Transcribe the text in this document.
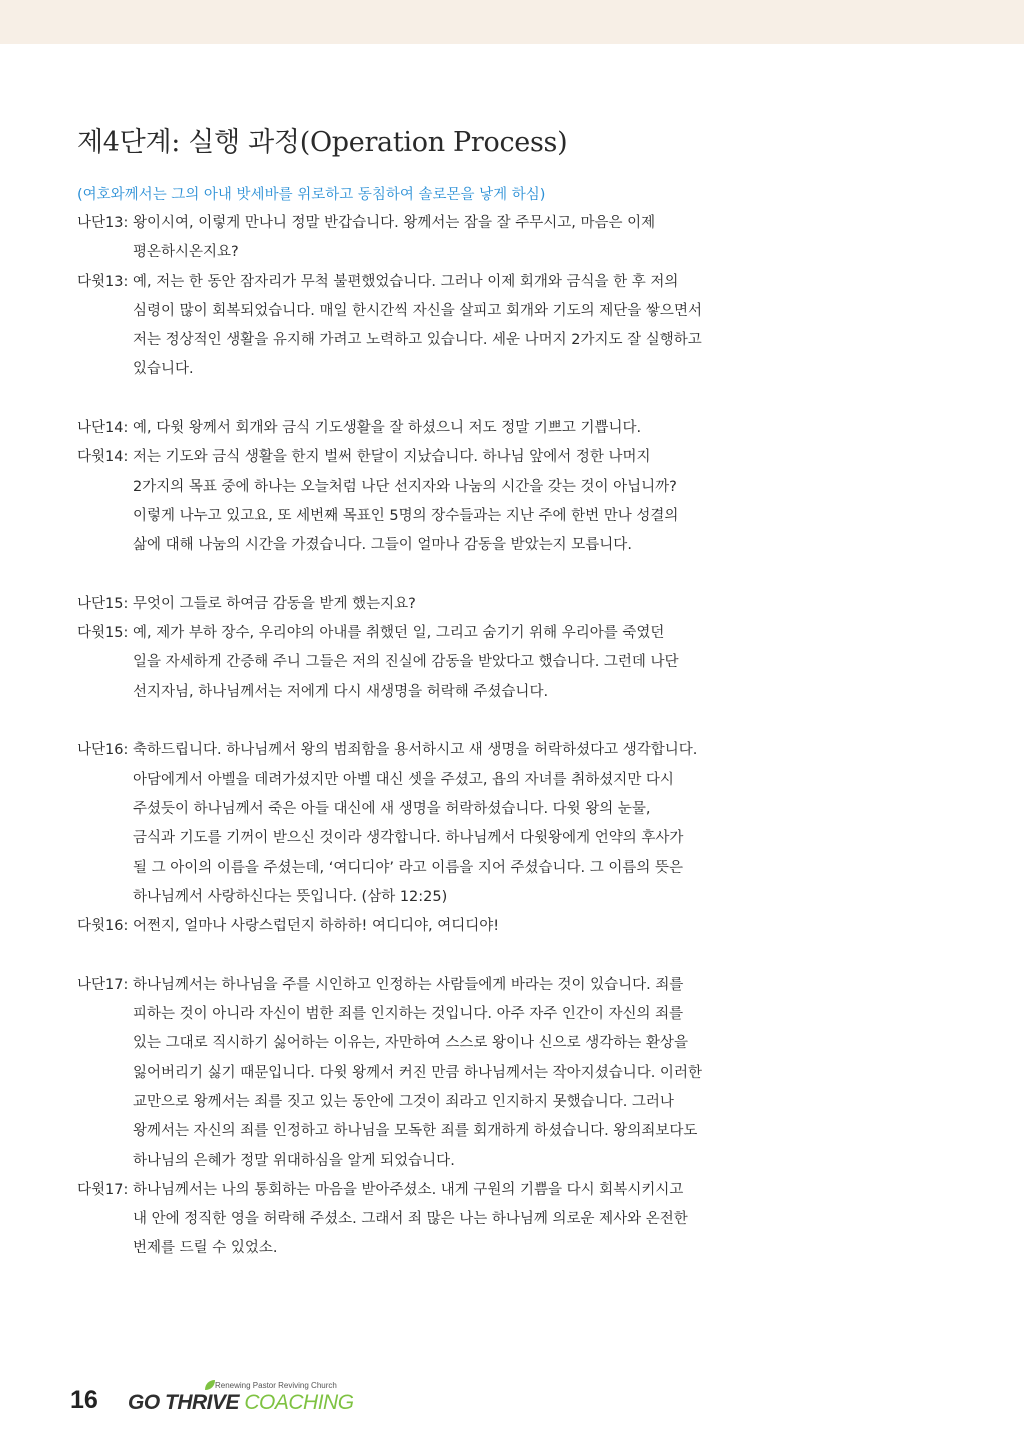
제4단계: 실행 과정(Operation Process)
(여호와께서는 그의 아내 밧세바를 위로하고 동침하여 솔로몬을 낳게 하심)
나단13: 왕이시여, 이렇게 만나니 정말 반갑습니다. 왕께서는 잠을 잘 주무시고, 마음은 이제
평온하시온지요?
다윗13: 예, 저는 한 동안 잠자리가 무척 불편했었습니다. 그러나 이제 회개와 금식을 한 후 저의
심령이 많이 회복되었습니다. 매일 한시간씩 자신을 살피고 회개와 기도의 제단을 쌓으면서
저는 정상적인 생활을 유지해 가려고 노력하고 있습니다. 세운 나머지 2가지도 잘 실행하고
있습니다.
나단14: 예, 다윗 왕께서 회개와 금식 기도생활을 잘 하셨으니 저도 정말 기쁘고 기쁩니다.
다윗14: 저는 기도와 금식 생활을 한지 벌써 한달이 지났습니다. 하나님 앞에서 정한 나머지
2가지의 목표 중에 하나는 오늘처럼 나단 선지자와 나눔의 시간을 갖는 것이 아닙니까?
이렇게 나누고 있고요, 또 세번째 목표인 5명의 장수들과는 지난 주에 한번 만나 성결의
삶에 대해 나눔의 시간을 가졌습니다. 그들이 얼마나 감동을 받았는지 모릅니다.
나단15: 무엇이 그들로 하여금 감동을 받게 했는지요?
다윗15: 예, 제가 부하 장수, 우리야의 아내를 취했던 일, 그리고 숨기기 위해 우리아를 죽였던
일을 자세하게 간증해 주니 그들은 저의 진실에 감동을 받았다고 했습니다. 그런데 나단
선지자님, 하나님께서는 저에게 다시 새생명을 허락해 주셨습니다.
나단16: 축하드립니다. 하나님께서 왕의 범죄함을 용서하시고 새 생명을 허락하셨다고 생각합니다.
아담에게서 아벨을 데려가셨지만 아벨 대신 셋을 주셨고, 욥의 자녀를 취하셨지만 다시
주셨듯이 하나님께서 죽은 아들 대신에 새 생명을 허락하셨습니다. 다윗 왕의 눈물,
금식과 기도를 기꺼이 받으신 것이라 생각합니다. 하나님께서 다윗왕에게 언약의 후사가
될 그 아이의 이름을 주셨는데, ‘여디디야’ 라고 이름을 지어 주셨습니다. 그 이름의 뜻은
하나님께서 사랑하신다는 뜻입니다. (삼하 12:25)
다윗16: 어쩐지, 얼마나 사랑스럽던지 하하하! 여디디야, 여디디야!
나단17: 하나님께서는 하나님을 주를 시인하고 인정하는 사람들에게 바라는 것이 있습니다. 죄를
피하는 것이 아니라 자신이 범한 죄를 인지하는 것입니다. 아주 자주 인간이 자신의 죄를
있는 그대로 직시하기 싫어하는 이유는, 자만하여 스스로 왕이나 신으로 생각하는 환상을
잃어버리기 싫기 때문입니다. 다윗 왕께서 커진 만큼 하나님께서는 작아지셨습니다. 이러한
교만으로 왕께서는 죄를 짓고 있는 동안에 그것이 죄라고 인지하지 못했습니다. 그러나
왕께서는 자신의 죄를 인정하고 하나님을 모독한 죄를 회개하게 하셨습니다. 왕의죄보다도
하나님의 은혜가 정말 위대하심을 알게 되었습니다.
다윗17: 하나님께서는 나의 통회하는 마음을 받아주셨소. 내게 구원의 기쁨을 다시 회복시키시고
내 안에 정직한 영을 허락해 주셨소. 그래서 죄 많은 나는 하나님께 의로운 제사와 온전한
번제를 드릴 수 있었소.
16
Renewing Pastor Reviving Church
GO THRIVE COACHING
